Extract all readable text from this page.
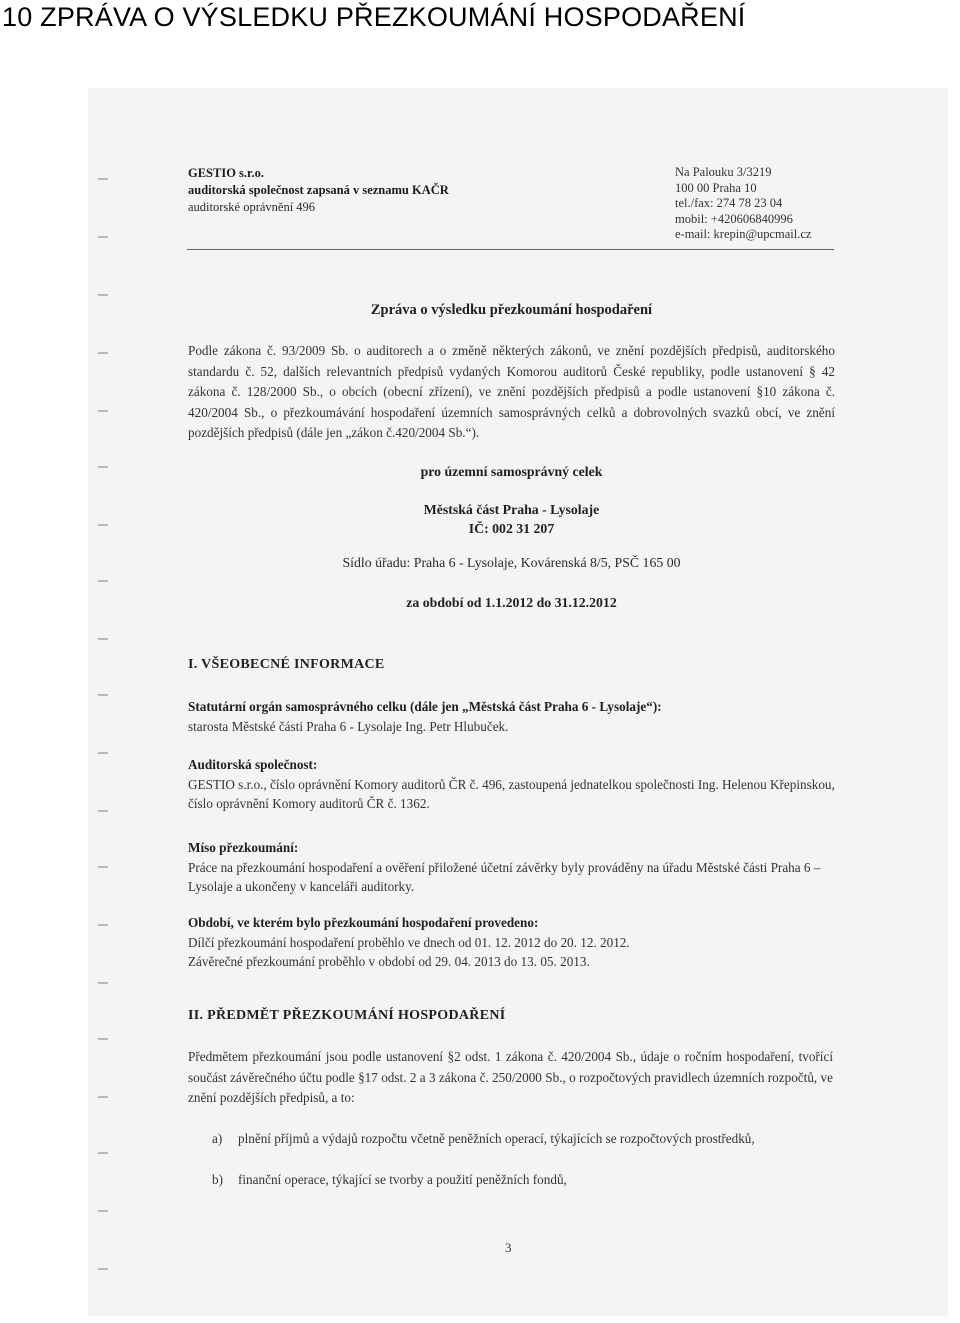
10 ZPRÁVA O VÝSLEDKU PŘEZKOUMÁNÍ HOSPODAŘENÍ
GESTIO s.r.o.
auditorská společnost zapsaná v seznamu KAČR
auditorské oprávnění 496
Na Palouku 3/3219
100 00 Praha 10
tel./fax: 274 78 23 04
mobil: +420606840996
e-mail: krepin@upcmail.cz
Zpráva o výsledku přezkoumání hospodaření
Podle zákona č. 93/2009 Sb. o auditorech a o změně některých zákonů, ve znění pozdějších předpisů, auditorského standardu č. 52, dalších relevantních předpisů vydaných Komorou auditorů České republiky, podle ustanovení § 42 zákona č. 128/2000 Sb., o obcích (obecní zřízení), ve znění pozdějších předpisů a podle ustanovení §10 zákona č. 420/2004 Sb., o přezkoumávání hospodaření územních samosprávných celků a dobrovolných svazků obcí, ve znění pozdějších předpisů (dále jen „zákon č.420/2004 Sb.“).
pro územní samosprávný celek
Městská část Praha - Lysolaje
IČ: 002 31 207
Sídlo úřadu: Praha 6 - Lysolaje, Kovárenská 8/5, PSČ 165 00
za období od 1.1.2012 do 31.12.2012
I. VŠEOBECNÉ INFORMACE
Statutární orgán samosprávného celku (dále jen „Městská část Praha 6 - Lysolaje“):
starosta Městské části Praha 6 - Lysolaje Ing. Petr Hlubuček.
Auditorská společnost:
GESTIO s.r.o., číslo oprávnění Komory auditorů ČR č. 496, zastoupená jednatelkou společnosti Ing. Helenou Křepinskou, číslo oprávnění Komory auditorů ČR č. 1362.
Míso přezkoumání:
Práce na přezkoumání hospodaření a ověření přiložené účetní závěrky byly prováděny na úřadu Městské části Praha 6 – Lysolaje a ukončeny v kanceláři auditorky.
Období, ve kterém bylo přezkoumání hospodaření provedeno:
Dílčí přezkoumání hospodaření proběhlo ve dnech od 01. 12. 2012 do 20. 12. 2012.
Závěrečné přezkoumání proběhlo v období od 29. 04. 2013 do 13. 05. 2013.
II. PŘEDMĚT PŘEZKOUMÁNÍ HOSPODAŘENÍ
Předmětem přezkoumání jsou podle ustanovení §2 odst. 1 zákona č. 420/2004 Sb., údaje o ročním hospodaření, tvořící součást závěrečného účtu podle §17 odst. 2 a 3 zákona č. 250/2000 Sb., o rozpočtových pravidlech územních rozpočtů, ve znění pozdějších předpisů, a to:
a) plnění příjmů a výdajů rozpočtu včetně peněžních operací, týkajících se rozpočtových prostředků,
b) finanční operace, týkající se tvorby a použití peněžních fondů,
3
